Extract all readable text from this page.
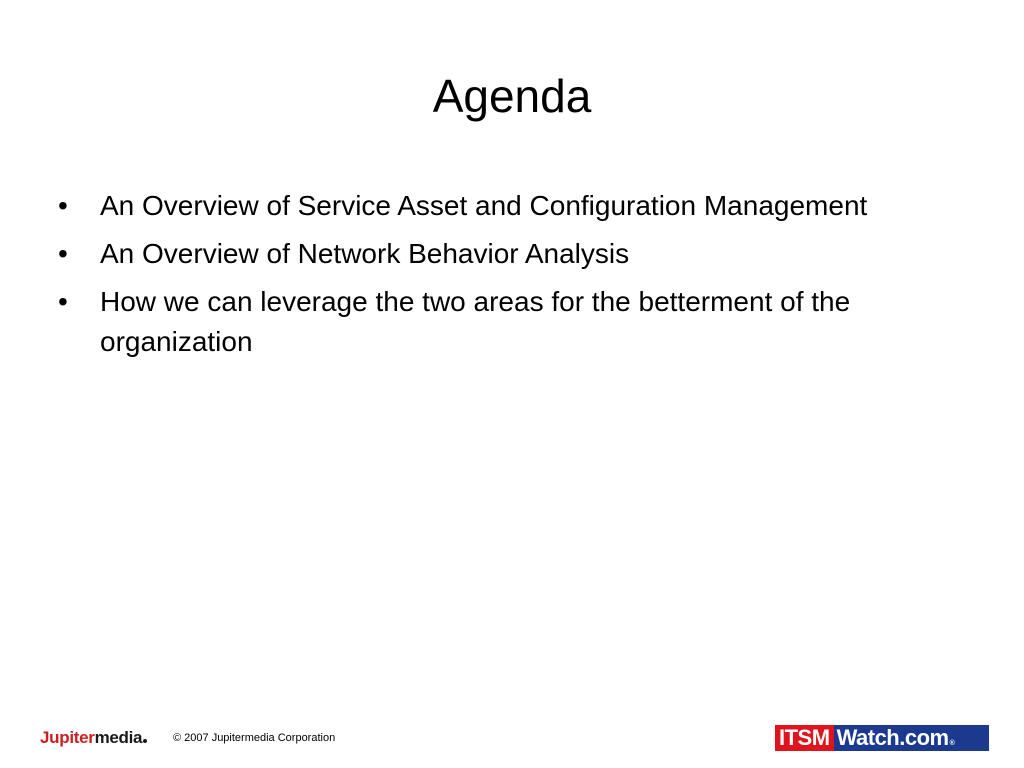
Agenda
•	An Overview of Service Asset and Configuration Management
•	An Overview of Network Behavior Analysis
•	How we can leverage the two areas for the betterment of the organization
Jupitermedia	© 2007 Jupitermedia Corporation	ITSM Watch.com ®
